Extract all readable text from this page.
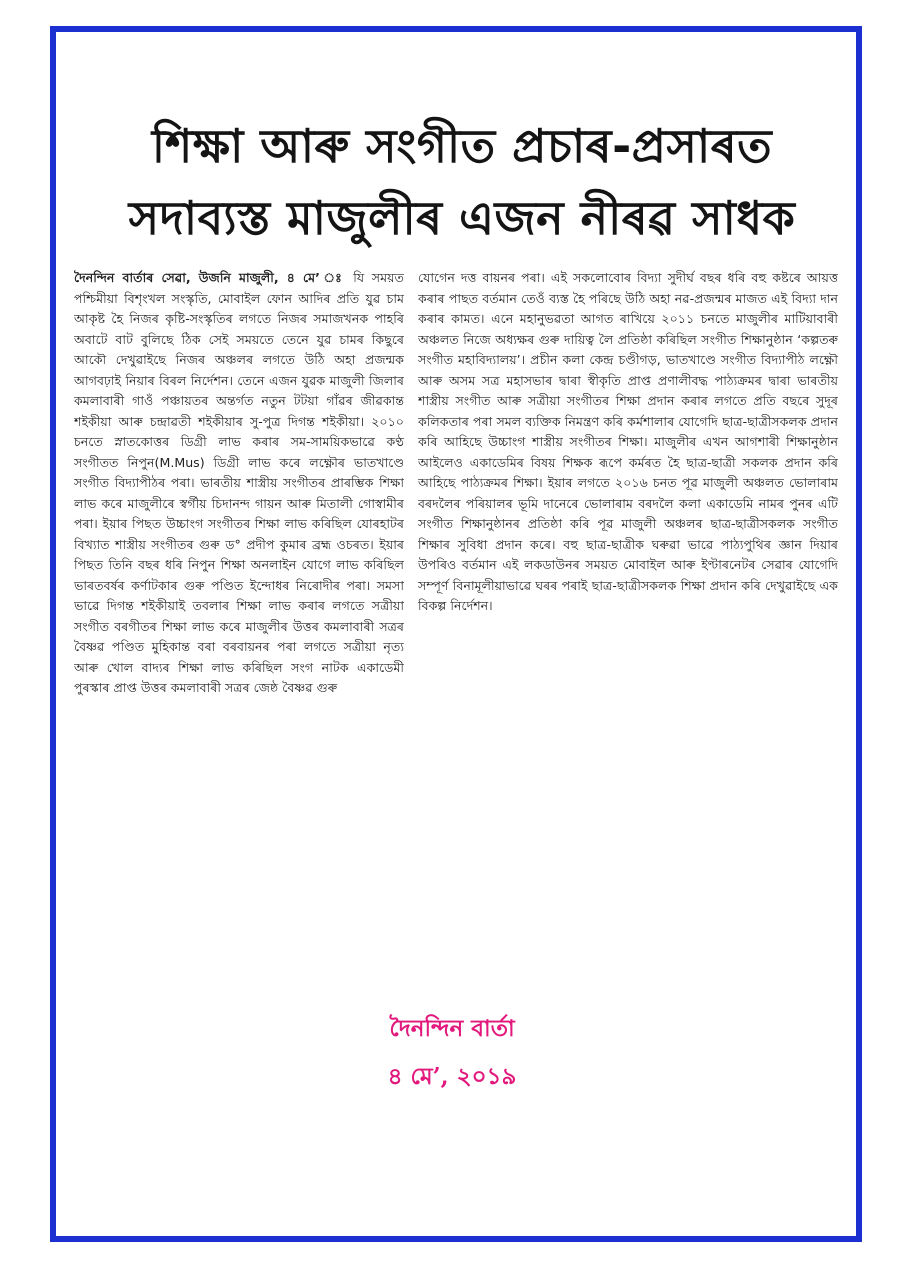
শিক্ষা আৰু সংগীত প্ৰচাৰ-প্ৰসাৰত
সদাব্যস্ত মাজুলীৰ এজন নীৰৱ সাধক

দৈনন্দিন বাৰ্তাৰ সেৱা, উজনি মাজুলী, ৪ মে’ ঃ যি সময়ত পশ্চিমীয়া বিশৃংখল সংস্কৃতি, মোবাইল ফোন আদিৰ প্ৰতি যুৱ চাম আকৃষ্ট হৈ নিজৰ কৃষ্টি-সংস্কৃতিৰ লগতে নিজৰ সমাজখনক পাহৰি অবাটে বাট বুলিছে ঠিক সেই সময়তে তেনে যুৱ চামৰ কিছুৰে আকৌ দেখুৱাইছে নিজৰ অঞ্চলৰ লগতে উঠি অহা প্ৰজন্মক আগবঢ়াই নিয়াৰ বিৰল নিৰ্দেশন। তেনে এজন যুৱক মাজুলী জিলাৰ কমলাবাৰী গাওঁ পঞ্চায়তৰ অন্তৰ্গত নতুন টটয়া গাঁৱৰ জীৱকান্ত শইকীয়া আৰু চন্দ্ৰাৱতী শইকীয়াৰ সু-পুত্ৰ দিগন্ত শইকীয়া। ২০১০ চনতে স্নাতকোত্তৰ ডিগ্ৰী লাভ কৰাৰ সম-সাময়িকভাৱে কণ্ঠ সংগীতত নিপুন(M.Mus) ডিগ্ৰী লাভ কৰে লক্ষ্ণৌৰ ভাতখাণ্ডে সংগীত বিদ্যাপীঠৰ পৰা। ভাৰতীয় শাস্ত্ৰীয় সংগীতৰ প্ৰাৰম্ভিক শিক্ষা লাভ কৰে মাজুলীৰে স্বৰ্গীয় চিদানন্দ গায়ন আৰু মিতালী গোস্বামীৰ পৰা। ইয়াৰ পিছত উচ্চাংগ সংগীতৰ শিক্ষা লাভ কৰিছিল যোৰহাটৰ বিখ্যাত শাস্ত্ৰীয় সংগীতৰ গুৰু ড° প্ৰদীপ কুমাৰ ব্ৰহ্ম ওচৰত। ইয়াৰ পিছত তিনি বছৰ ধৰি নিপুন শিক্ষা অনলাইন যোগে লাভ কৰিছিল ভাৰতবৰ্ষৰ কৰ্ণাটকাৰ গুৰু পণ্ডিত ইন্দোধৰ নিৰোদীৰ পৰা। সমসা ভাৱে দিগন্ত শইকীয়াই তবলাৰ শিক্ষা লাভ কৰাৰ লগতে সত্ৰীয়া সংগীত বৰগীতৰ শিক্ষা লাভ কৰে মাজুলীৰ উত্তৰ কমলাবাৰী সত্ৰৰ বৈষ্ণৱ পণ্ডিত মুহিকান্ত বৰা বৰবায়নৰ পৰা লগতে সত্ৰীয়া নৃত্য আৰু খোল বাদ্যৰ শিক্ষা লাভ কৰিছিল সংগ নাটক একাডেমী পুৰস্কাৰ প্ৰাপ্ত উত্তৰ কমলাবাৰী সত্ৰৰ জেষ্ঠ বৈষ্ণৱ গুৰু

যোগেন দত্ত বায়নৰ পৰা। এই সকলোবোৰ বিদ্যা সুদীৰ্ঘ বছৰ ধৰি বহু কষ্টৰে আয়ত্ত কৰাৰ পাছত বৰ্তমান তেওঁ ব্যস্ত হৈ পৰিছে উঠি অহা নৱ-প্ৰজন্মৰ মাজত এই বিদ্যা দান কৰাৰ কামত। এনে মহানুভৱতা আগত ৰাখিয়ে ২০১১ চনতে মাজুলীৰ মাটিয়াবাৰী অঞ্চলত নিজে অধ্যক্ষৰ গুৰু দায়িত্ব লৈ প্ৰতিষ্ঠা কৰিছিল সংগীত শিক্ষানুষ্ঠান ‘কল্পতৰু সংগীত মহাবিদ্যালয়’। প্ৰচীন কলা কেন্দ্ৰ চণ্ডীগড়, ভাতখাণ্ডে সংগীত বিদ্যাপীঠ লক্ষ্ণৌ আৰু অসম সত্ৰ মহাসভাৰ দ্বাৰা স্বীকৃতি প্ৰাপ্ত প্ৰণালীবদ্ধ পাঠ্যক্ৰমৰ দ্বাৰা ভাৰতীয় শাস্ত্ৰীয় সংগীত আৰু সত্ৰীয়া সংগীতৰ শিক্ষা প্ৰদান কৰাৰ লগতে প্ৰতি বছৰে সুদূৰ কলিকতাৰ পৰা সমল ব্যক্তিক নিমন্ত্ৰণ কৰি কৰ্মশালাৰ যোগেদি ছাত্ৰ-ছাত্ৰীসকলক প্ৰদান কৰি আহিছে উচ্চাংগ শাস্ত্ৰীয় সংগীতৰ শিক্ষা। মাজুলীৰ এখন আগশাৰী শিক্ষানুষ্ঠান আইলেও একাডেমিৰ বিষয় শিক্ষক ৰূপে কৰ্মৰত হৈ ছাত্ৰ-ছাত্ৰী সকলক প্ৰদান কৰি আহিছে পাঠ্যক্ৰমৰ শিক্ষা। ইয়াৰ লগতে ২০১৬ চনত পূৱ মাজুলী অঞ্চলত ভোলাৰাম বৰদলৈৰ পৰিয়ালৰ ভূমি দানেৰে ভোলাৰাম বৰদলৈ কলা একাডেমি নামৰ পুনৰ এটি সংগীত শিক্ষানুষ্ঠানৰ প্ৰতিষ্ঠা কৰি পূৱ মাজুলী অঞ্চলৰ ছাত্ৰ-ছাত্ৰীসকলক সংগীত শিক্ষাৰ সুবিধা প্ৰদান কৰে। বহু ছাত্ৰ-ছাত্ৰীক ঘৰুৱা ভাৱে পাঠ্যপুথিৰ জ্ঞান দিয়াৰ উপৰিও বৰ্তমান এই লকডাউনৰ সময়ত মোবাইল আৰু ইণ্টাৰনেটৰ সেৱাৰ যোগেদি সম্পূৰ্ণ বিনামূলীয়াভাৱে ঘৰৰ পৰাই ছাত্ৰ-ছাত্ৰীসকলক শিক্ষা প্ৰদান কৰি দেখুৱাইছে এক বিকল্প নিৰ্দেশন।

দৈনন্দিন বাৰ্তা
৪ মে’, ২০১৯
